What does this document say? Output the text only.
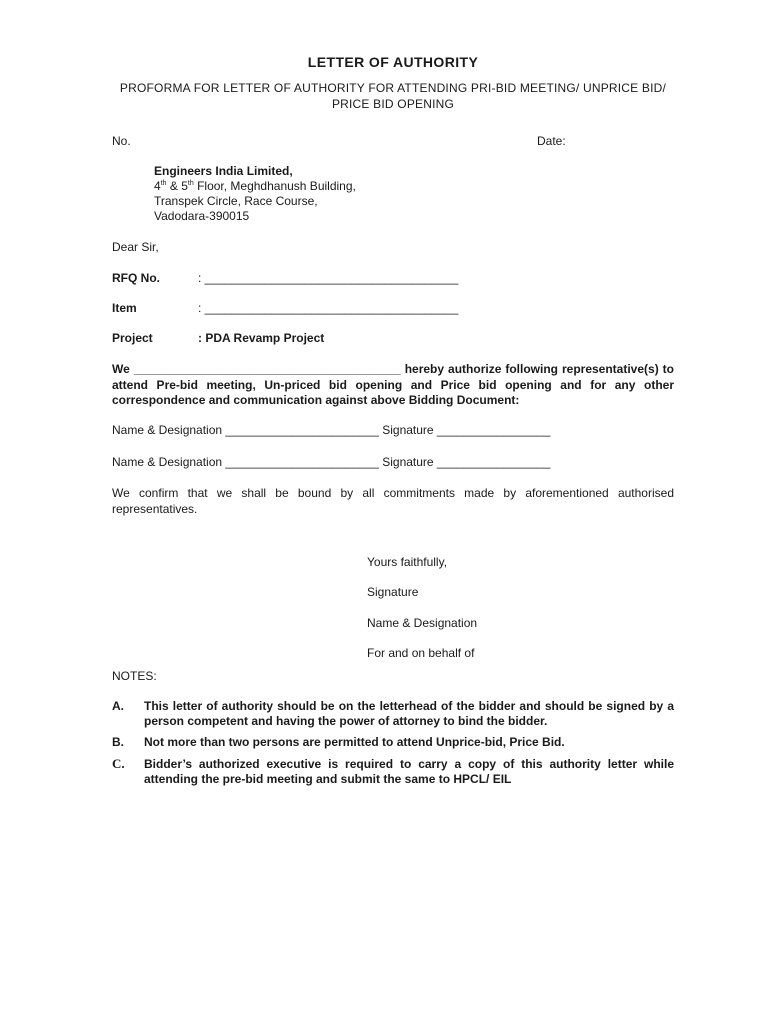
LETTER OF AUTHORITY
PROFORMA FOR LETTER OF AUTHORITY FOR ATTENDING PRI-BID MEETING/ UNPRICE BID/
PRICE BID OPENING
No.	Date:
Engineers India Limited,
4th & 5th Floor, Meghdhanush Building,
Transpek Circle, Race Course,
Vadodara-390015
Dear Sir,
RFQ No.	: ______________________________________
Item	: ______________________________________
Project	: PDA Revamp Project
We ________________________________________ hereby authorize following representative(s) to attend Pre-bid meeting, Un-priced bid opening and Price bid opening and for any other correspondence and communication against above Bidding Document:
Name & Designation _______________________ Signature _________________
Name & Designation _______________________ Signature _________________
We confirm that we shall be bound by all commitments made by aforementioned authorised representatives.
Yours faithfully,
Signature
Name & Designation
For and on behalf of
NOTES:
A. This letter of authority should be on the letterhead of the bidder and should be signed by a person competent and having the power of attorney to bind the bidder.
B. Not more than two persons are permitted to attend Unprice-bid, Price Bid.
C. Bidder’s authorized executive is required to carry a copy of this authority letter while attending the pre-bid meeting and submit the same to HPCL/ EIL
